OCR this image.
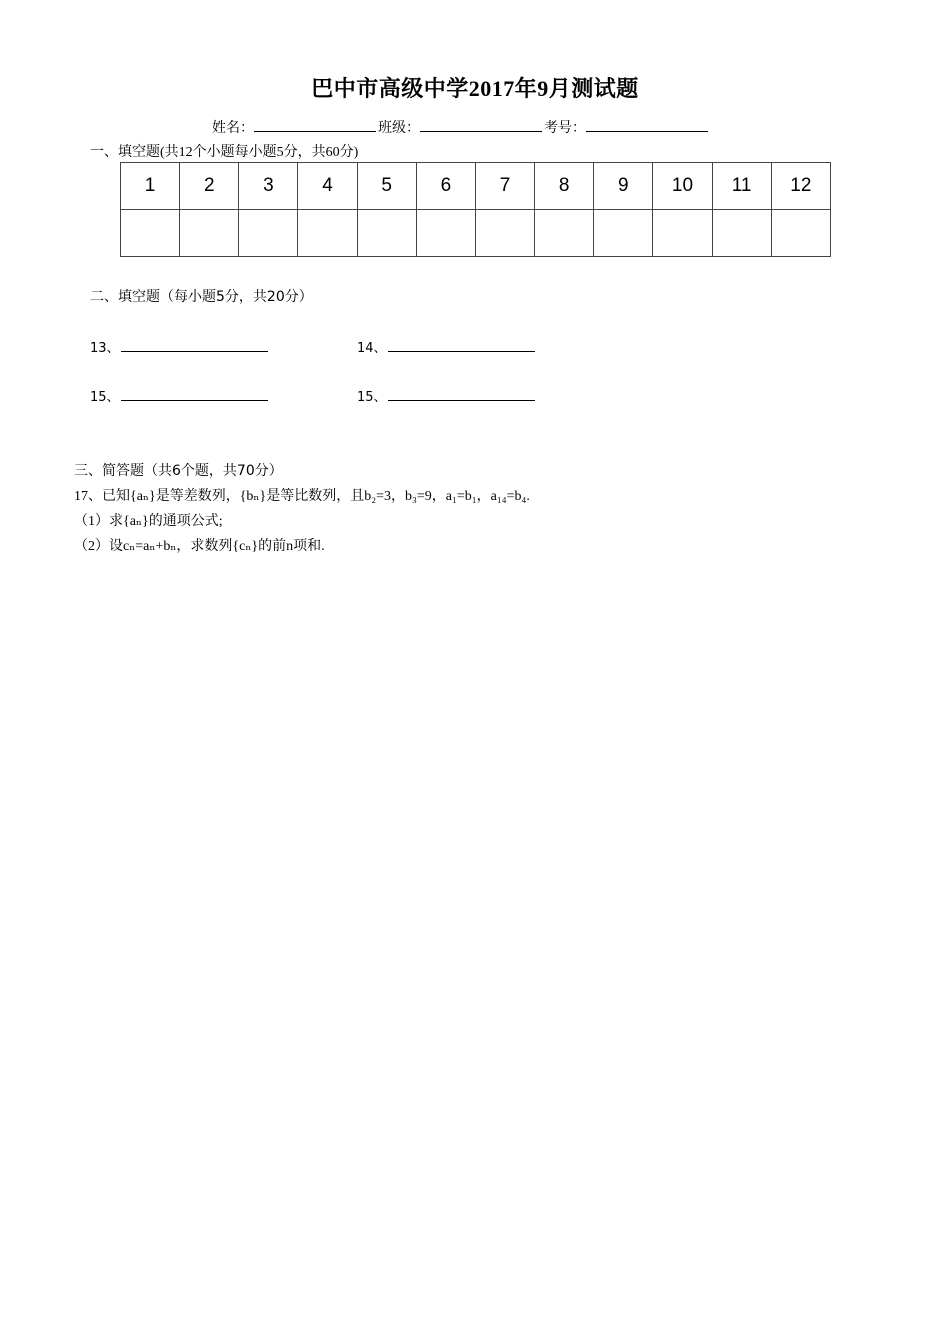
巴中市高级中学2017年9月测试题
姓名：	班级：	考号：
一、填空题(共12个小题每小题5分，共60分)
1	2	3	4	5	6	7	8	9	10	11	12

二、填空题（每小题5分，共20分）
13、	14、
15、	15、
三、简答题（共6个题，共70分）
17、已知{aₙ}是等差数列，{bₙ}是等比数列，且b₂=3，b₃=9，a₁=b₁，a₁₄=b₄.
（1）求{aₙ}的通项公式;
（2）设cₙ=aₙ+bₙ，求数列{cₙ}的前n项和.
